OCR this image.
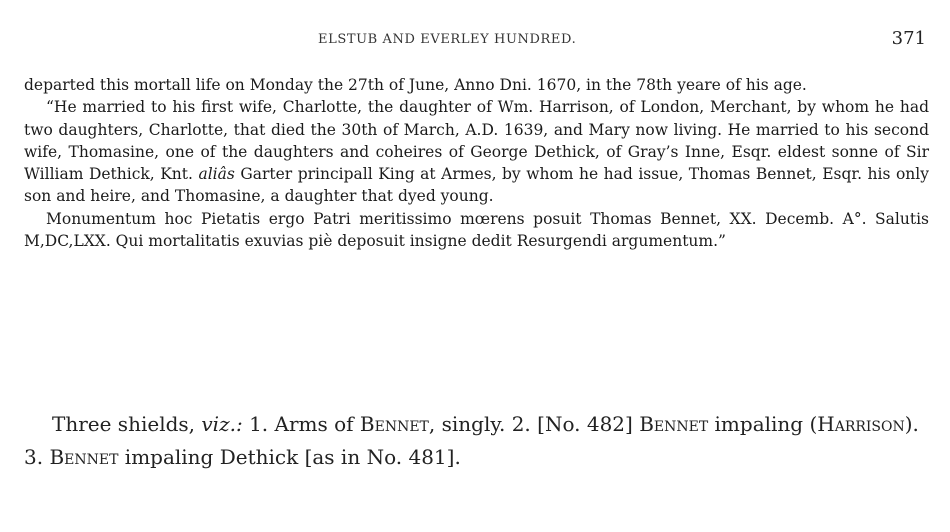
ELSTUB AND EVERLEY HUNDRED.	371

departed this mortall life on Monday the 27th of June, Anno Dni. 1670, in the 78th yeare of his age.

“He married to his first wife, Charlotte, the daughter of Wm. Harrison, of London, Merchant, by whom he had two daughters, Charlotte, that died the 30th of March, A.D. 1639, and Mary now living. He married to his second wife, Thomasine, one of the daughters and coheires of George Dethick, of Gray’s Inne, Esqr. eldest sonne of Sir William Dethick, Knt. aliâs Garter principall King at Armes, by whom he had issue, Thomas Bennet, Esqr. his only son and heire, and Thomasine, a daughter that dyed young.

Monumentum hoc Pietatis ergo Patri meritissimo mœrens posuit Thomas Bennet, XX. Decemb. A°. Salutis M,DC,LXX. Qui mortalitatis exuvias piè deposuit insigne dedit Resurgendi argumentum.”

Three shields, viz.: 1. Arms of Bennet, singly. 2. [No. 482] Bennet impaling (Harrison). 3. Bennet impaling Dethick [as in No. 481].
